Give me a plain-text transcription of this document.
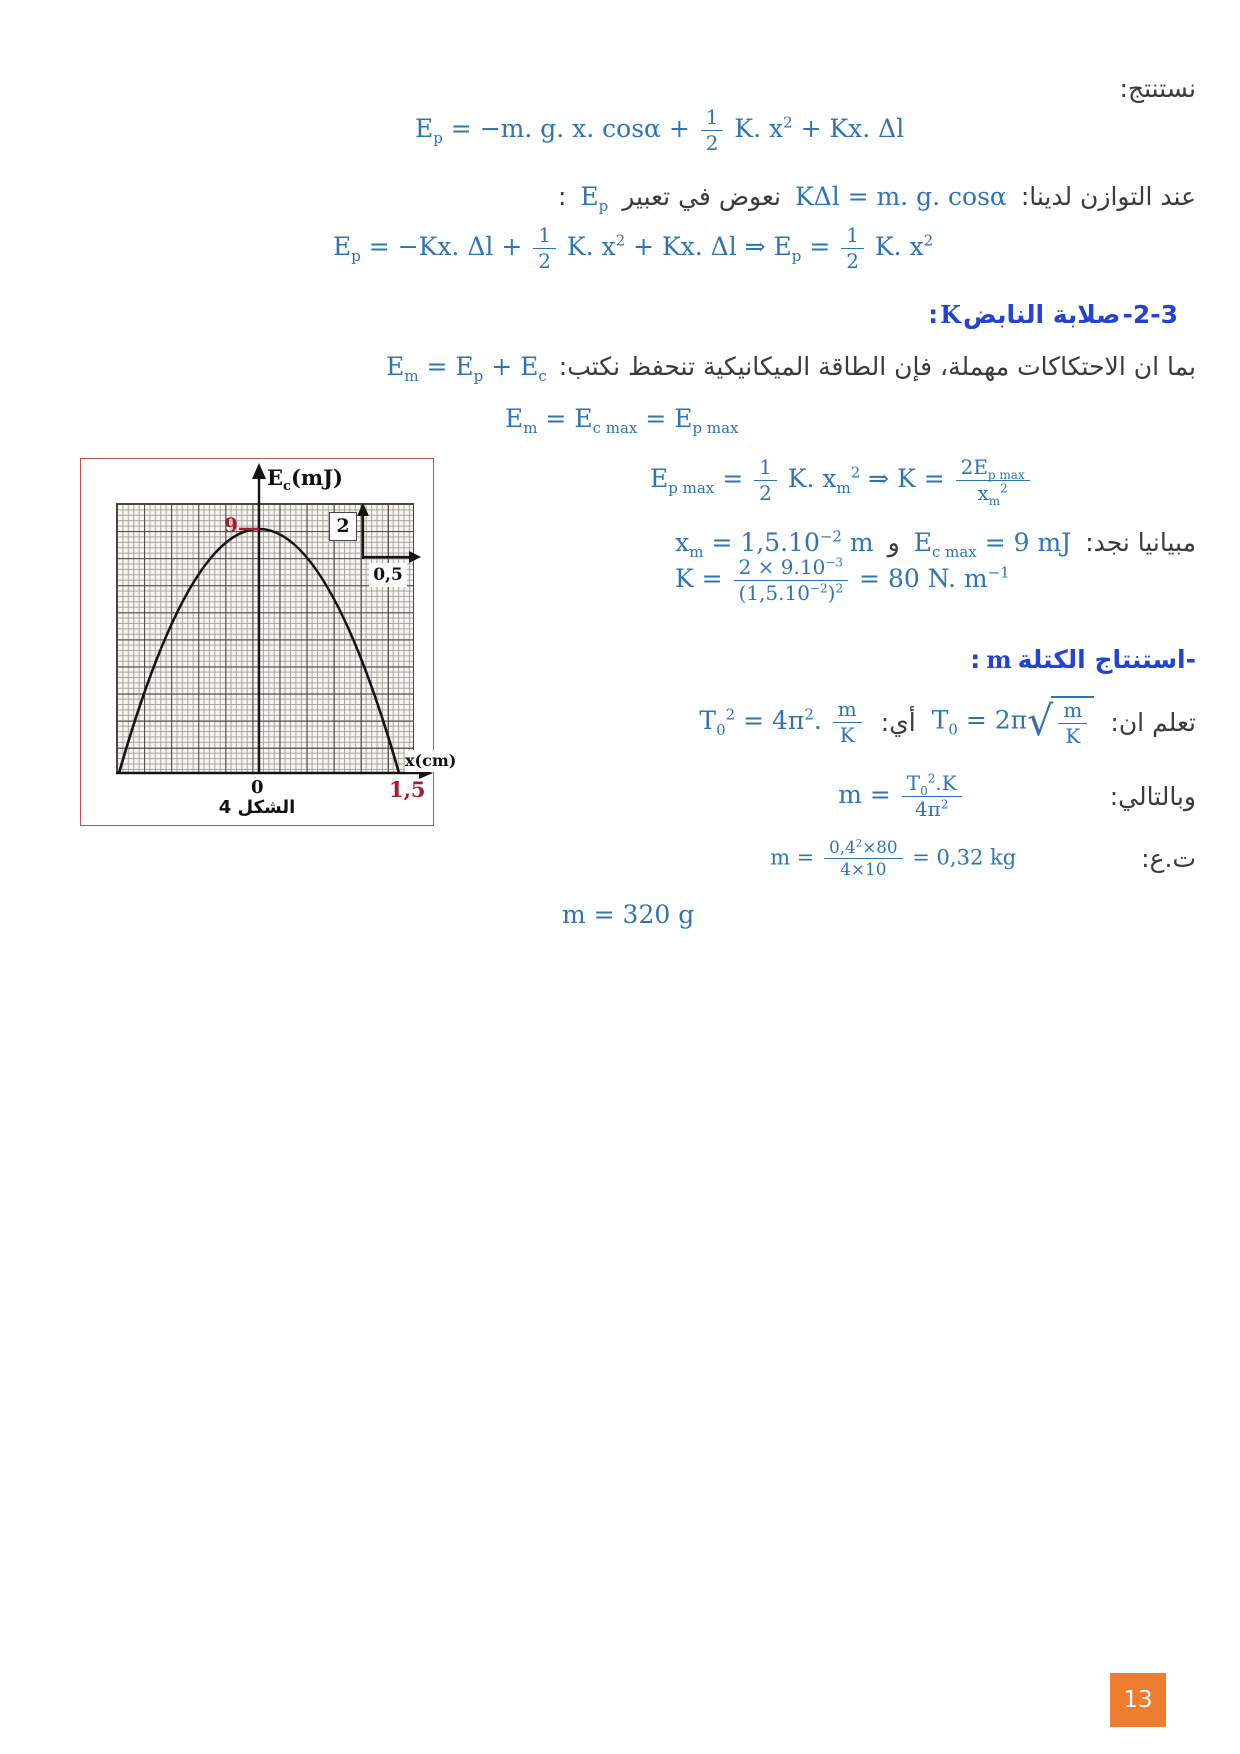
نستنتج:
$E_p = -m$. g. x. $\cos\alpha + \frac{1}{2} K$. $x^2 + Kx$. Δl
عند التوازن لدينا:
KΔl = m. g. cosα
نعوض في تعبير
$E_p$
:
$E_p = -Kx$. $\Delta l + \frac{1}{2} K$. $x^2 + Kx$. Δl ⇒ $E_p = \frac{1}{2} K$. $x^2$
2-3-
صلابة النابض
K
:
بما ان الاحتكاكات مهملة، فإن الطاقة الميكانيكية تنحفظ نكتب:
$E_m = E_p + E_c$
$E_m = E_{c max} = E_{p max}$
$E_c(mJ)$
9	2
0,5
x(cm)
0	1,5
الشكل 4
$E_{p max} = \frac{1}{2} K$. $x_m^2$ ⇒ $K = \frac{2E_{p max}}{x_m^2}$
مبيانيا نجد:
$E_{c max} = 9$ mJ
و
$x_m = 1,5.10^{-2}$ m
$K = \frac{2 \times 9.10^{-3}}{(1,5.10^{-2})^2} = 80$ N. $m^{-1}$
-استنتاج الكتلة
m
:
تعلم ان:
$T_0 = 2\pi$ √ $\frac{m}{K}$
أي:
$T_0^2 = 4\pi^2$. $\frac{m}{K}$
وبالتالي:
$m = \frac{T_0^2.K}{4\pi^2}$
ت.ع:
$m = \frac{0,4^2\times 80}{4\times 10} = 0,32$ kg
m = 320 g
13
